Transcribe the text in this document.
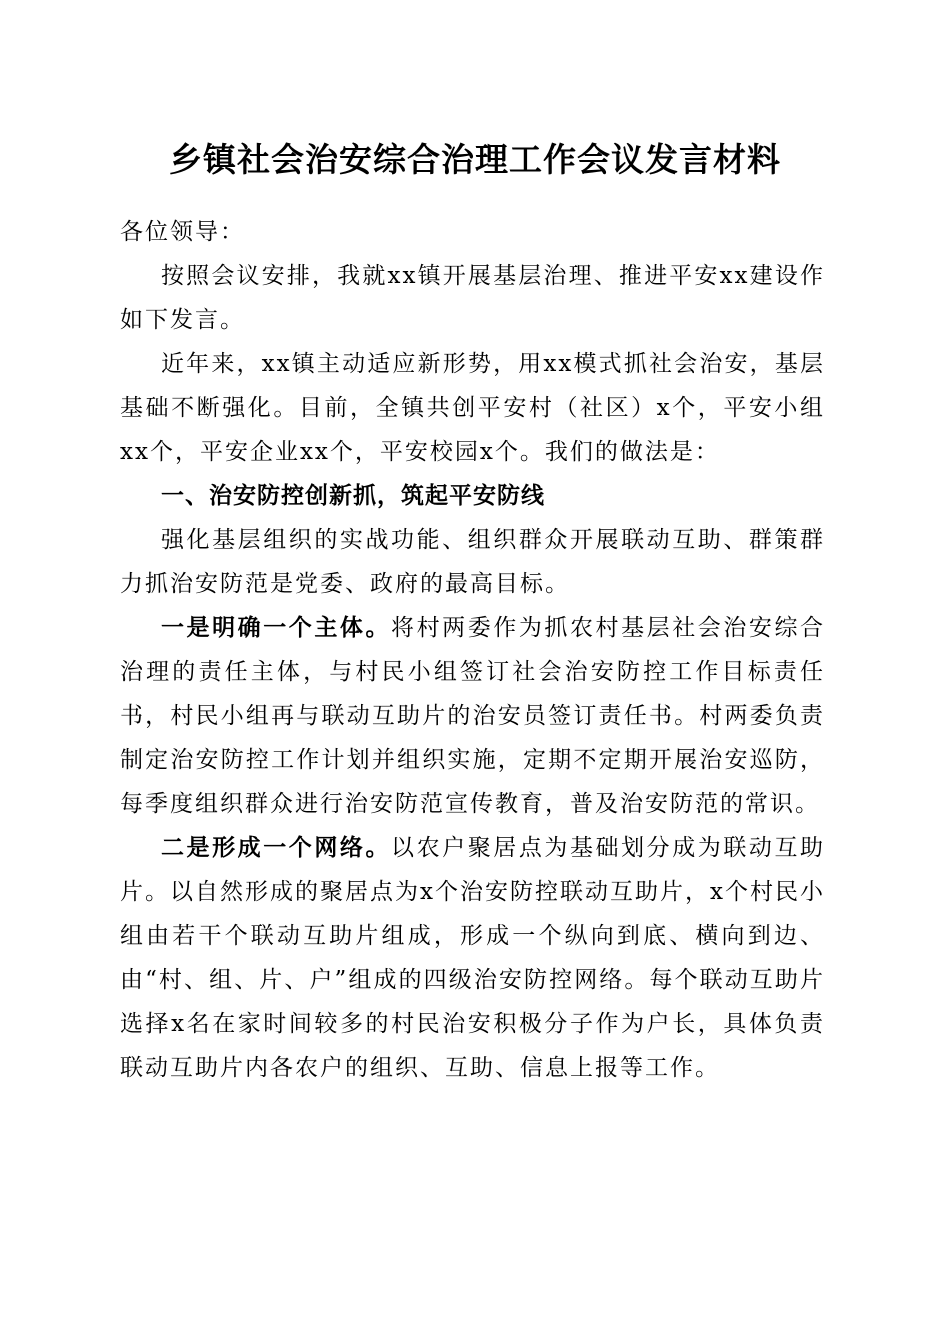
乡镇社会治安综合治理工作会议发言材料

各位领导：

按照会议安排，我就xx镇开展基层治理、推进平安xx建设作如下发言。

近年来，xx镇主动适应新形势，用xx模式抓社会治安，基层基础不断强化。目前，全镇共创平安村（社区）x个，平安小组xx个，平安企业xx个，平安校园x个。我们的做法是：

一、治安防控创新抓，筑起平安防线

强化基层组织的实战功能、组织群众开展联动互助、群策群力抓治安防范是党委、政府的最高目标。

一是明确一个主体。将村两委作为抓农村基层社会治安综合治理的责任主体，与村民小组签订社会治安防控工作目标责任书，村民小组再与联动互助片的治安员签订责任书。村两委负责制定治安防控工作计划并组织实施，定期不定期开展治安巡防，每季度组织群众进行治安防范宣传教育，普及治安防范的常识。

二是形成一个网络。以农户聚居点为基础划分成为联动互助片。以自然形成的聚居点为x个治安防控联动互助片，x个村民小组由若干个联动互助片组成，形成一个纵向到底、横向到边、由“村、组、片、户”组成的四级治安防控网络。每个联动互助片选择x名在家时间较多的村民治安积极分子作为户长，具体负责联动互助片内各农户的组织、互助、信息上报等工作。
